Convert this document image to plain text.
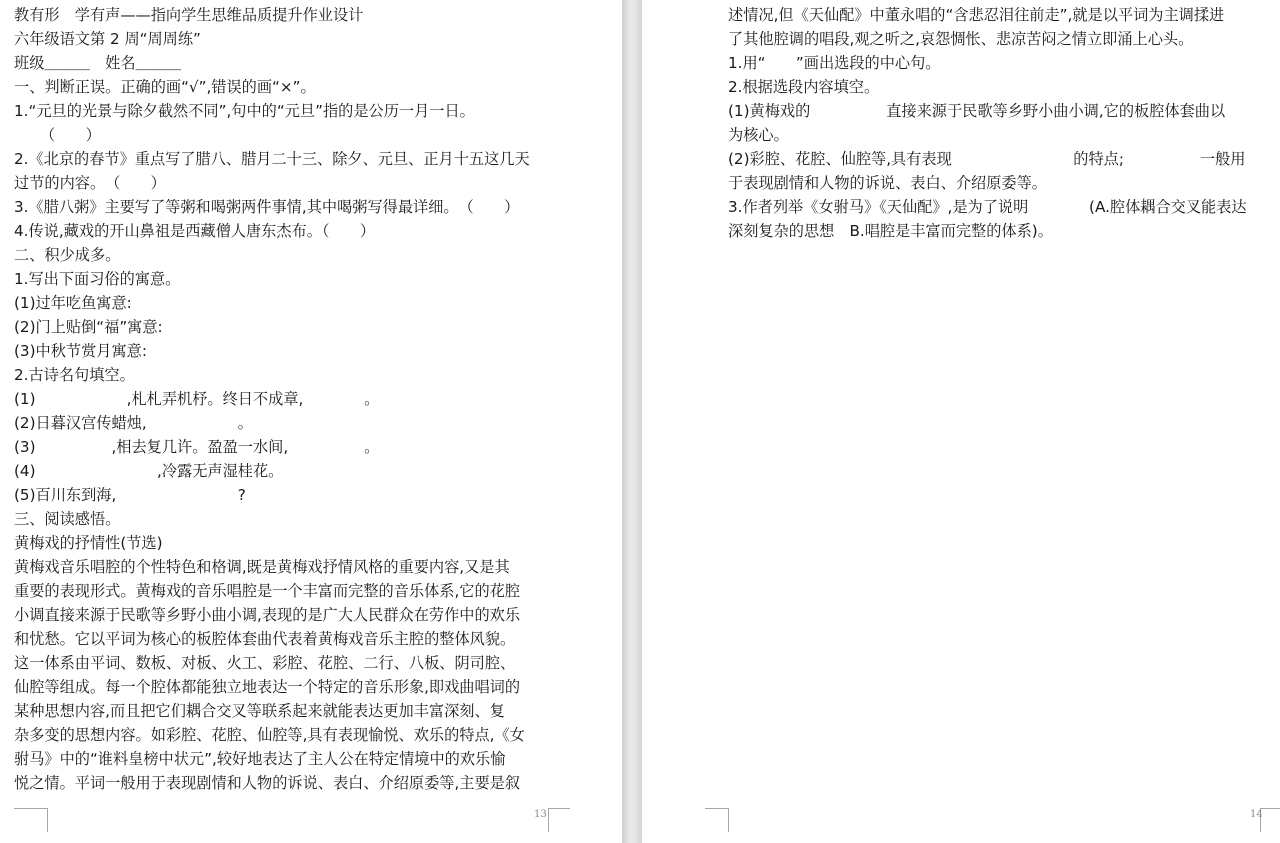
教有形　学有声——指向学生思维品质提升作业设计
六年级语文第 2 周“周周练”
班级＿＿＿　姓名＿＿＿
一、判断正误。正确的画“√”,错误的画“×”。
1.“元旦的光景与除夕截然不同”,句中的“元旦”指的是公历一月一日。
（　　）
2.《北京的春节》重点写了腊八、腊月二十三、除夕、元旦、正月十五这几天
过节的内容。　（　　）
3.《腊八粥》主要写了等粥和喝粥两件事情,其中喝粥写得最详细。　（　　）
4.传说,藏戏的开山鼻祖是西藏僧人唐东杰布。（　　）
二、积少成多。
1.写出下面习俗的寓意。
(1)过年吃鱼寓意:
(2)门上贴倒“福”寓意:
(3)中秋节赏月寓意:
2.古诗名句填空。
(1)　　　　　　,札札弄机杼。终日不成章,　　　　。
(2)日暮汉宫传蜡烛,　　　　　　。
(3)　　　　　,相去复几许。盈盈一水间,　　　　　。
(4)　　　　　　　　,冷露无声湿桂花。
(5)百川东到海,　　　　　　　　?
三、阅读感悟。
黄梅戏的抒情性(节选)
黄梅戏音乐唱腔的个性特色和格调,既是黄梅戏抒情风格的重要内容,又是其
重要的表现形式。黄梅戏的音乐唱腔是一个丰富而完整的音乐体系,它的花腔
小调直接来源于民歌等乡野小曲小调,表现的是广大人民群众在劳作中的欢乐
和忧愁。它以平词为核心的板腔体套曲代表着黄梅戏音乐主腔的整体风貌。
这一体系由平词、数板、对板、火工、彩腔、花腔、二行、八板、阴司腔、
仙腔等组成。每一个腔体都能独立地表达一个特定的音乐形象,即戏曲唱词的
某种思想内容,而且把它们耦合交叉等联系起来就能表达更加丰富深刻、复
杂多变的思想内容。如彩腔、花腔、仙腔等,具有表现愉悦、欢乐的特点,《女
驸马》中的“谁料皇榜中状元”,较好地表达了主人公在特定情境中的欢乐愉
悦之情。平词一般用于表现剧情和人物的诉说、表白、介绍原委等,主要是叙
13
述情况,但《天仙配》中董永唱的“含悲忍泪往前走”,就是以平词为主调揉进
了其他腔调的唱段,观之听之,哀怨惆怅、悲凉苦闷之情立即涌上心头。
1.用“　　”画出选段的中心句。
2.根据选段内容填空。
(1)黄梅戏的　　　　　直接来源于民歌等乡野小曲小调,它的板腔体套曲以
为核心。
(2)彩腔、花腔、仙腔等,具有表现　　　　　　　　的特点;　　　　　一般用
于表现剧情和人物的诉说、表白、介绍原委等。
3.作者列举《女驸马》《天仙配》,是为了说明　　　　(A.腔体耦合交叉能表达
深刻复杂的思想　B.唱腔是丰富而完整的体系)。
14
